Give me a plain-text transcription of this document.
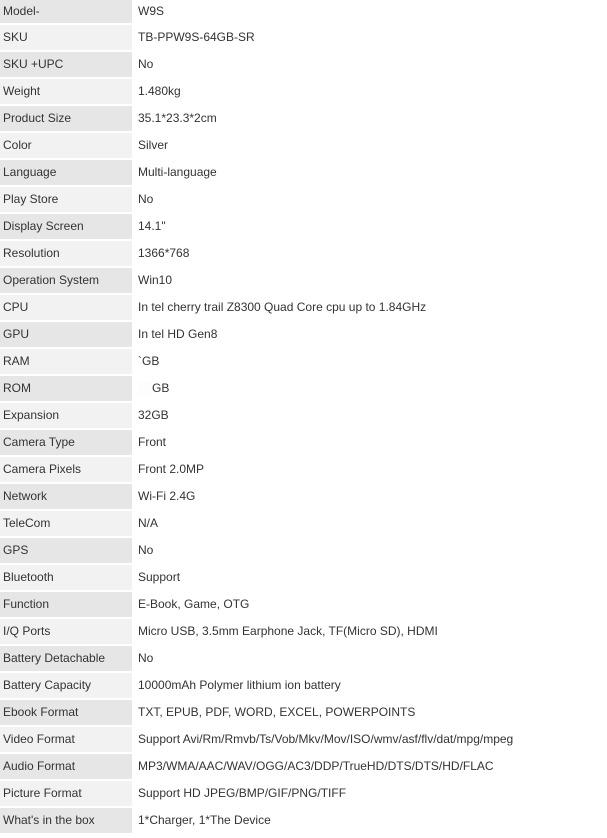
Model-	W9S
SKU	TB-PPW9S-64GB-SR
SKU +UPC	No
Weight	1.480kg
Product Size	35.1*23.3*2cm
Color	Silver
Language	Multi-language
Play Store	No
Display Screen	14.1"
Resolution	1366*768
Operation System	Win10
CPU	In tel cherry trail Z8300 Quad Core cpu up to 1.84GHz
GPU	In tel HD Gen8
RAM	`GB
ROM	GB
Expansion	32GB
Camera Type	Front
Camera Pixels	Front 2.0MP
Network	Wi-Fi 2.4G
TeleCom	N/A
GPS	No
Bluetooth	Support
Function	E-Book, Game, OTG
I/Q Ports	Micro USB, 3.5mm Earphone Jack, TF(Micro SD), HDMI
Battery Detachable	No
Battery Capacity	10000mAh Polymer lithium ion battery
Ebook Format	TXT, EPUB, PDF, WORD, EXCEL, POWERPOINTS
Video Format	Support Avi/Rm/Rmvb/Ts/Vob/Mkv/Mov/ISO/wmv/asf/flv/dat/mpg/mpeg
Audio Format	MP3/WMA/AAC/WAV/OGG/AC3/DDP/TrueHD/DTS/DTS/HD/FLAC
Picture Format	Support HD JPEG/BMP/GIF/PNG/TIFF
What's in the box	1*Charger, 1*The Device
